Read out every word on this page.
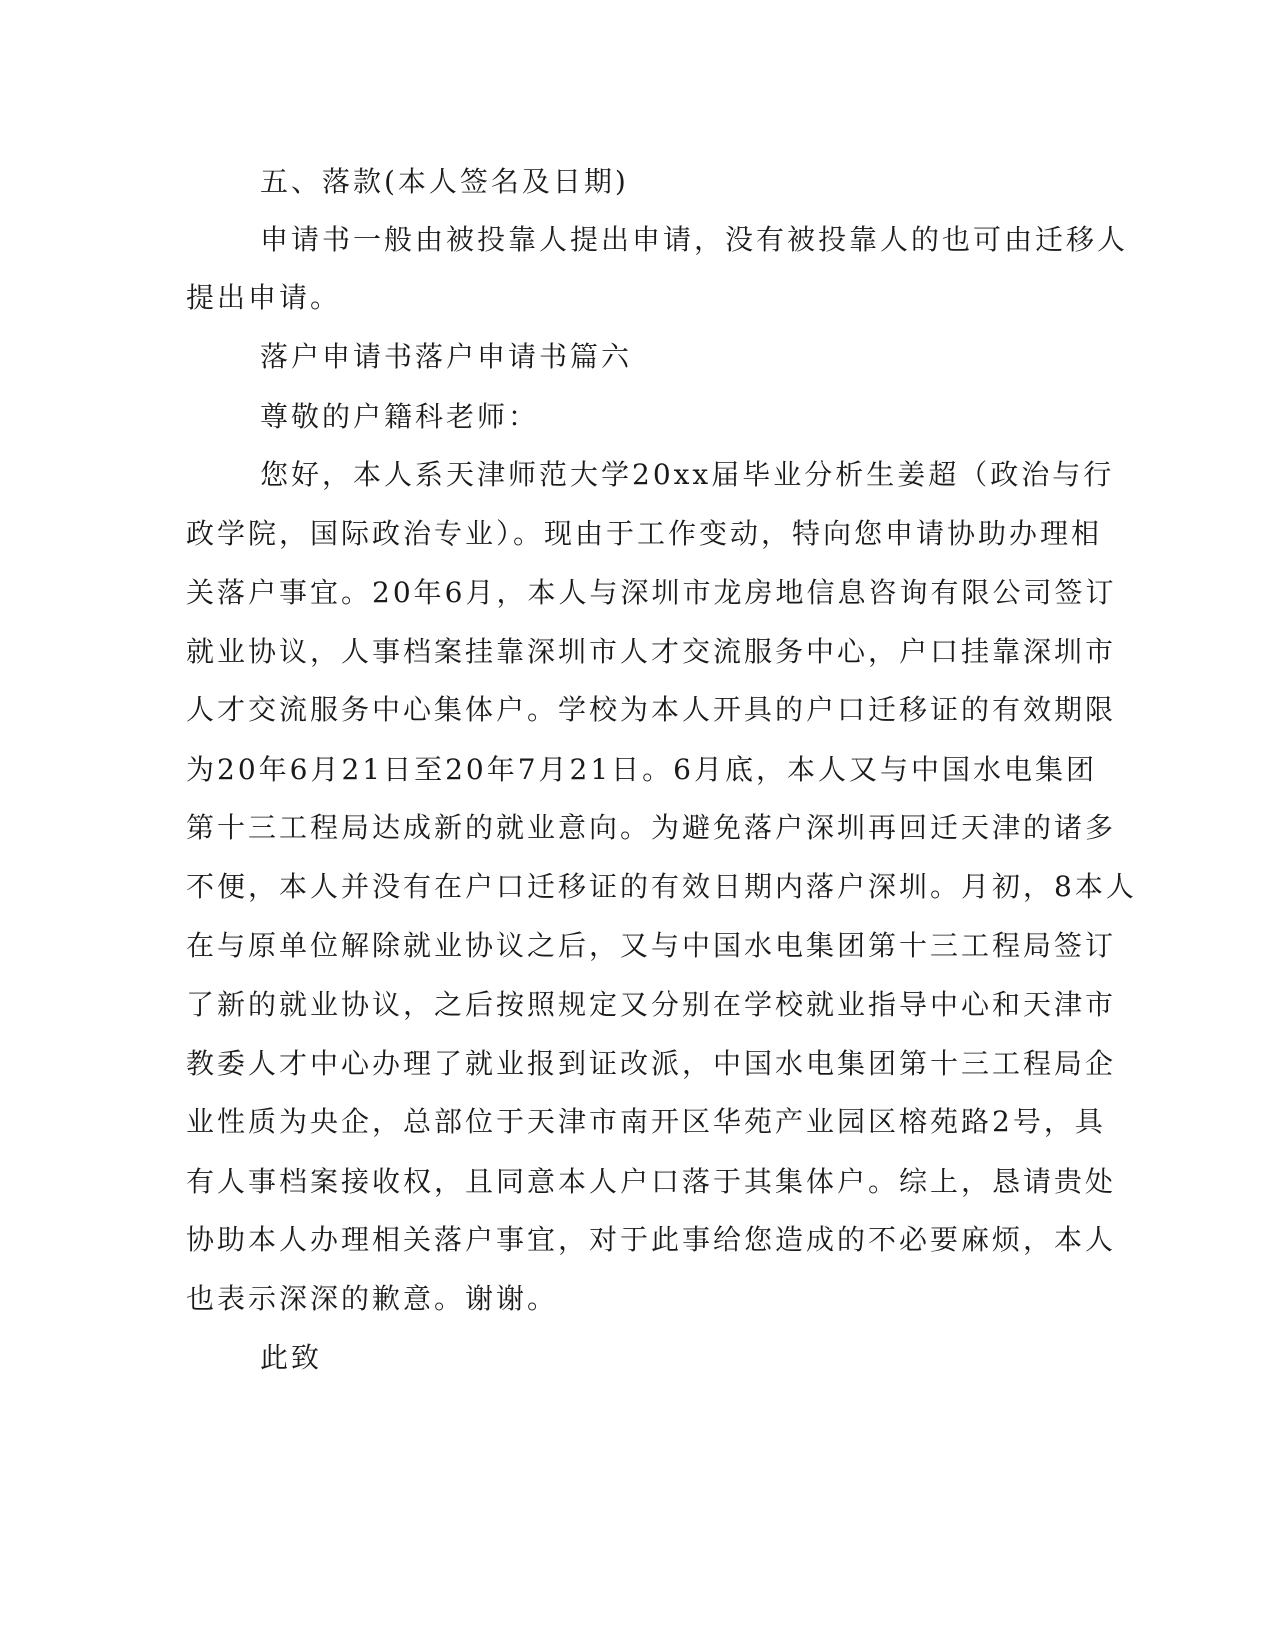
五、落款(本人签名及日期)
申请书一般由被投靠人提出申请，没有被投靠人的也可由迁移人
提出申请。
落户申请书落户申请书篇六
尊敬的户籍科老师：
您好，本人系天津师范大学20xx届毕业分析生姜超（政治与行
政学院，国际政治专业）。现由于工作变动，特向您申请协助办理相
关落户事宜。20年6月，本人与深圳市龙房地信息咨询有限公司签订
就业协议，人事档案挂靠深圳市人才交流服务中心，户口挂靠深圳市
人才交流服务中心集体户。学校为本人开具的户口迁移证的有效期限
为20年6月21日至20年7月21日。6月底，本人又与中国水电集团
第十三工程局达成新的就业意向。为避免落户深圳再回迁天津的诸多
不便，本人并没有在户口迁移证的有效日期内落户深圳。月初，8本人
在与原单位解除就业协议之后，又与中国水电集团第十三工程局签订
了新的就业协议，之后按照规定又分别在学校就业指导中心和天津市
教委人才中心办理了就业报到证改派，中国水电集团第十三工程局企
业性质为央企，总部位于天津市南开区华苑产业园区榕苑路2号，具
有人事档案接收权，且同意本人户口落于其集体户。综上，恳请贵处
协助本人办理相关落户事宜，对于此事给您造成的不必要麻烦，本人
也表示深深的歉意。谢谢。
此致
